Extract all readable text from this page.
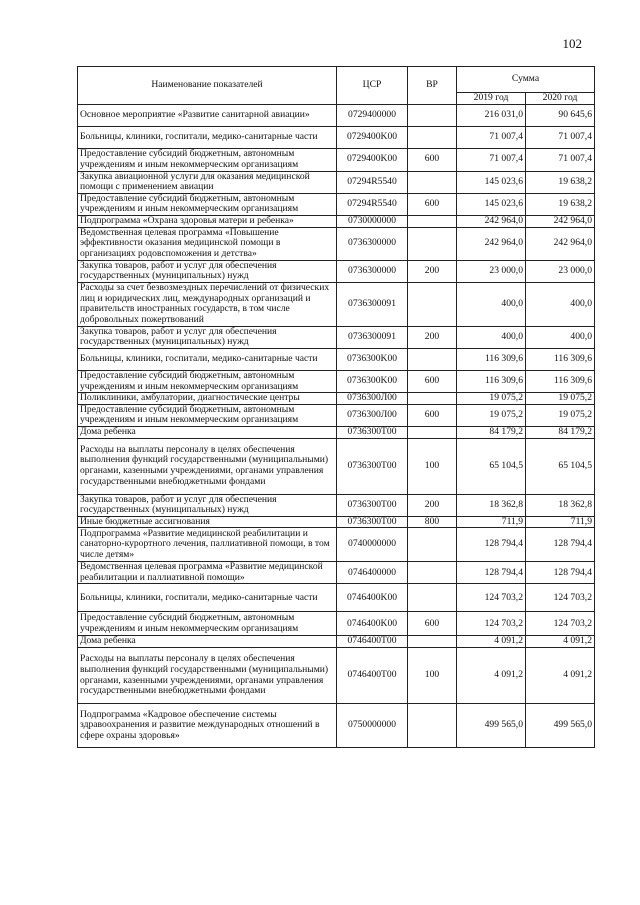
102
Наименование показателей	ЦСР	ВР	Сумма	
			2019 год	2020 год
Основное мероприятие «Развитие санитарной авиации»	0729400000		216 031,0	90 645,6
Больницы, клиники, госпитали, медико-санитарные части	0729400K00		71 007,4	71 007,4
Предоставление субсидий бюджетным, автономным учреждениям и иным некоммерческим организациям	0729400K00	600	71 007,4	71 007,4
Закупка авиационной услуги для оказания медицинской помощи с применением авиации	07294R5540		145 023,6	19 638,2
Предоставление субсидий бюджетным, автономным учреждениям и иным некоммерческим организациям	07294R5540	600	145 023,6	19 638,2
Подпрограмма «Охрана здоровья матери и ребенка»	0730000000		242 964,0	242 964,0
Ведомственная целевая программа «Повышение эффективности оказания медицинской помощи в организациях родовспоможения и детства»	0736300000		242 964,0	242 964,0
Закупка товаров, работ и услуг для обеспечения государственных (муниципальных) нужд	0736300000	200	23 000,0	23 000,0
Расходы за счет безвозмездных перечислений от физических лиц и юридических лиц, международных организаций и правительств иностранных государств, в том числе добровольных пожертвований	0736300091		400,0	400,0
Закупка товаров, работ и услуг для обеспечения государственных (муниципальных) нужд	0736300091	200	400,0	400,0
Больницы, клиники, госпитали, медико-санитарные части	0736300K00		116 309,6	116 309,6
Предоставление субсидий бюджетным, автономным учреждениям и иным некоммерческим организациям	0736300K00	600	116 309,6	116 309,6
Поликлиники, амбулатории, диагностические центры	0736300Л00		19 075,2	19 075,2
Предоставление субсидий бюджетным, автономным учреждениям и иным некоммерческим организациям	0736300Л00	600	19 075,2	19 075,2
Дома ребенка	0736300Т00		84 179,2	84 179,2
Расходы на выплаты персоналу в целях обеспечения выполнения функций государственными (муниципальными) органами, казенными учреждениями, органами управления государственными внебюджетными фондами	0736300Т00	100	65 104,5	65 104,5
Закупка товаров, работ и услуг для обеспечения государственных (муниципальных) нужд	0736300Т00	200	18 362,8	18 362,8
Иные бюджетные ассигнования	0736300Т00	800	711,9	711,9
Подпрограмма «Развитие медицинской реабилитации и санаторно-курортного лечения, паллиативной помощи, в том числе детям»	0740000000		128 794,4	128 794,4
Ведомственная целевая программа «Развитие медицинской реабилитации и паллиативной помощи»	0746400000		128 794,4	128 794,4
Больницы, клиники, госпитали, медико-санитарные части	0746400K00		124 703,2	124 703,2
Предоставление субсидий бюджетным, автономным учреждениям и иным некоммерческим организациям	0746400K00	600	124 703,2	124 703,2
Дома ребенка	0746400Т00		4 091,2	4 091,2
Расходы на выплаты персоналу в целях обеспечения выполнения функций государственными (муниципальными) органами, казенными учреждениями, органами управления государственными внебюджетными фондами	0746400Т00	100	4 091,2	4 091,2
Подпрограмма «Кадровое обеспечение системы здравоохранения и развитие международных отношений в сфере охраны здоровья»	0750000000		499 565,0	499 565,0
